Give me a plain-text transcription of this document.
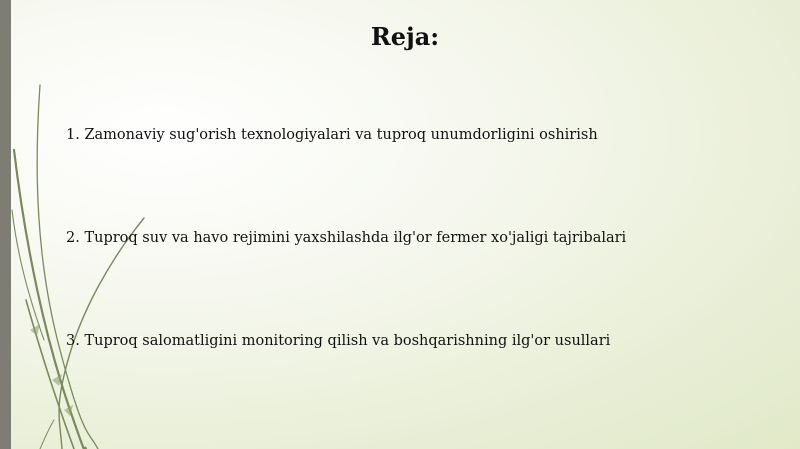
Reja:
1. Zamonaviy sug'orish texnologiyalari va tuproq unumdorligini oshirish
2. Tuproq suv va havo rejimini yaxshilashda ilg'or fermer xo'jaligi tajribalari
3. Tuproq salomatligini monitoring qilish va boshqarishning ilg'or usullari
